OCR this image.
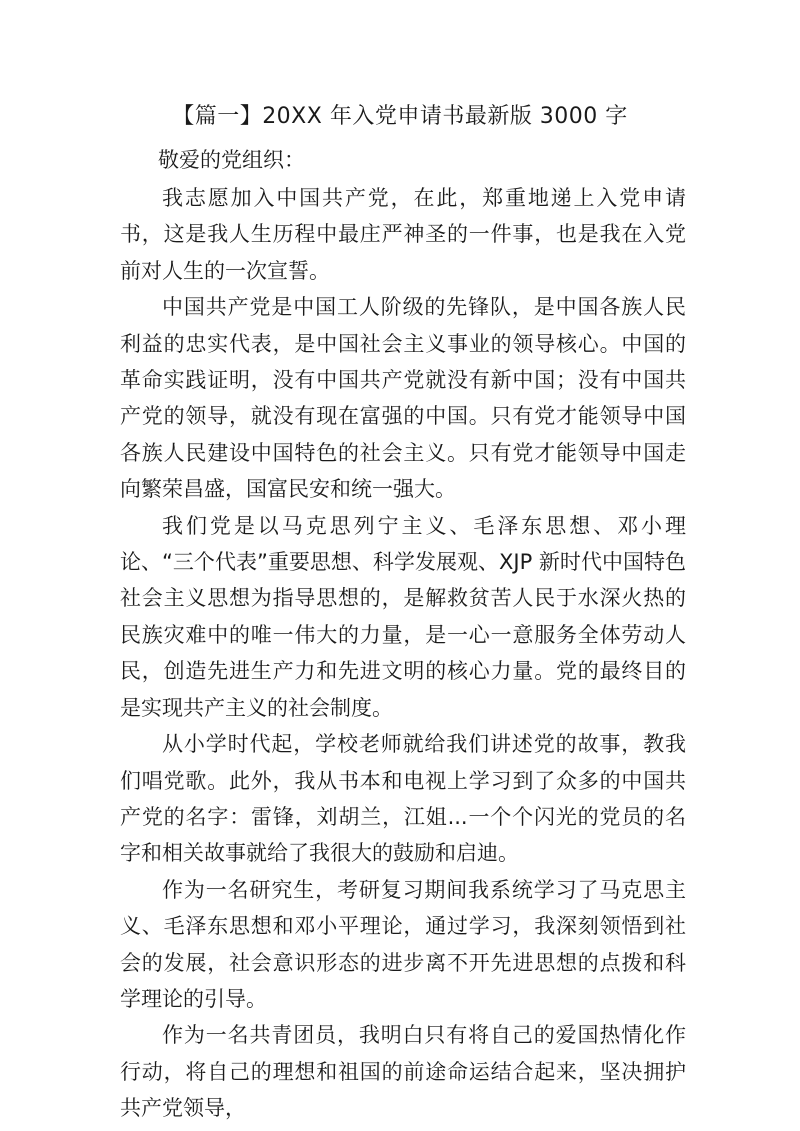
【篇一】20XX 年入党申请书最新版 3000 字
敬爱的党组织：

我志愿加入中国共产党，在此，郑重地递上入党申请书，这是我人生历程中最庄严神圣的一件事，也是我在入党前对人生的一次宣誓。

中国共产党是中国工人阶级的先锋队，是中国各族人民利益的忠实代表，是中国社会主义事业的领导核心。中国的革命实践证明，没有中国共产党就没有新中国；没有中国共产党的领导，就没有现在富强的中国。只有党才能领导中国各族人民建设中国特色的社会主义。只有党才能领导中国走向繁荣昌盛，国富民安和统一强大。

我们党是以马克思列宁主义、毛泽东思想、邓小理论、“三个代表”重要思想、科学发展观、XJP 新时代中国特色社会主义思想为指导思想的，是解救贫苦人民于水深火热的民族灾难中的唯一伟大的力量，是一心一意服务全体劳动人民，创造先进生产力和先进文明的核心力量。党的最终目的是实现共产主义的社会制度。

从小学时代起，学校老师就给我们讲述党的故事，教我们唱党歌。此外，我从书本和电视上学习到了众多的中国共产党的名字：雷锋，刘胡兰，江姐...一个个闪光的党员的名字和相关故事就给了我很大的鼓励和启迪。

作为一名研究生，考研复习期间我系统学习了马克思主义、毛泽东思想和邓小平理论，通过学习，我深刻领悟到社会的发展，社会意识形态的进步离不开先进思想的点拨和科学理论的引导。

作为一名共青团员，我明白只有将自己的爱国热情化作行动，将自己的理想和祖国的前途命运结合起来，坚决拥护共产党领导，
